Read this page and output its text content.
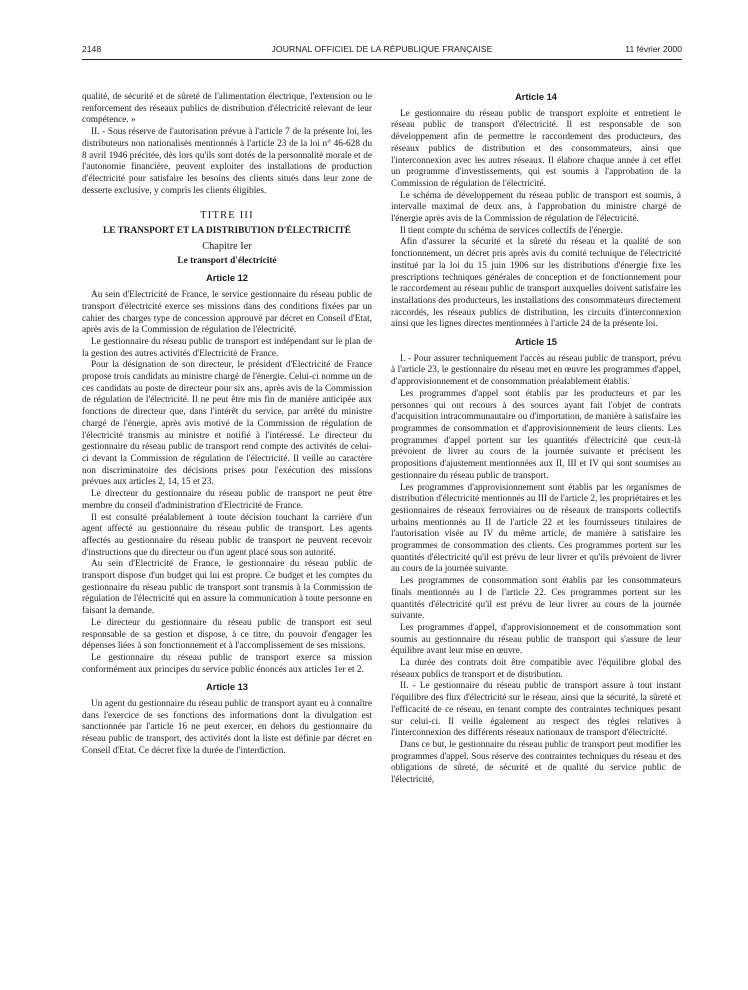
2148	JOURNAL OFFICIEL DE LA RÉPUBLIQUE FRANÇAISE	11 février 2000

qualité, de sécurité et de sûreté de l'alimentation électrique, l'extension ou le renforcement des réseaux publics de distribution d'électricité relevant de leur compétence. »

II. - Sous réserve de l'autorisation prévue à l'article 7 de la présente loi, les distributeurs non nationalisés mentionnés à l'article 23 de la loi n° 46-628 du 8 avril 1946 précitée, dès lors qu'ils sont dotés de la personnalité morale et de l'autonomie financière, peuvent exploiter des installations de production d'électricité pour satisfaire les besoins des clients situés dans leur zone de desserte exclusive, y compris les clients éligibles.

TITRE III
LE TRANSPORT ET LA DISTRIBUTION D'ÉLECTRICITÉ
Chapitre Ier
Le transport d'électricité
Article 12

Au sein d'Electricité de France, le service gestionnaire du réseau public de transport d'électricité exerce ses missions dans des conditions fixées par un cahier des charges type de concession approuvé par décret en Conseil d'Etat, après avis de la Commission de régulation de l'électricité.

Le gestionnaire du réseau public de transport est indépendant sur le plan de la gestion des autres activités d'Electricité de France.

Pour la désignation de son directeur, le président d'Electricité de France propose trois candidats au ministre chargé de l'énergie. Celui-ci nomme un de ces candidats au poste de directeur pour six ans, après avis de la Commission de régulation de l'électricité. Il ne peut être mis fin de manière anticipée aux fonctions de directeur que, dans l'intérêt du service, par arrêté du ministre chargé de l'énergie, après avis motivé de la Commission de régulation de l'électricité transmis au ministre et notifié à l'intéressé. Le directeur du gestionnaire du réseau public de transport rend compte des activités de celui-ci devant la Commission de régulation de l'électricité. Il veille au caractère non discriminatoire des décisions prises pour l'exécution des missions prévues aux articles 2, 14, 15 et 23.

Le directeur du gestionnaire du réseau public de transport ne peut être membre du conseil d'administration d'Electricité de France.

Il est consulté préalablement à toute décision touchant la carrière d'un agent affecté au gestionnaire du réseau public de transport. Les agents affectés au gestionnaire du réseau public de transport ne peuvent recevoir d'instructions que du directeur ou d'un agent placé sous son autorité.

Au sein d'Electricité de France, le gestionnaire du réseau public de transport dispose d'un budget qui lui est propre. Ce budget et les comptes du gestionnaire du réseau public de transport sont transmis à la Commission de régulation de l'électricité qui en assure la communication à toute personne en faisant la demande.

Le directeur du gestionnaire du réseau public de transport est seul responsable de sa gestion et dispose, à ce titre, du pouvoir d'engager les dépenses liées à son fonctionnement et à l'accomplissement de ses missions.

Le gestionnaire du réseau public de transport exerce sa mission conformément aux principes du service public énoncés aux articles 1er et 2.

Article 13

Un agent du gestionnaire du réseau public de transport ayant eu à connaître dans l'exercice de ses fonctions des informations dont la divulgation est sanctionnée par l'article 16 ne peut exercer, en dehors du gestionnaire du réseau public de transport, des activités dont la liste est définie par décret en Conseil d'Etat. Ce décret fixe la durée de l'interdiction.

Article 14

Le gestionnaire du réseau public de transport exploite et entretient le réseau public de transport d'électricité. Il est responsable de son développement afin de permettre le raccordement des producteurs, des réseaux publics de distribution et des consommateurs, ainsi que l'interconnexion avec les autres réseaux. Il élabore chaque année à cet effet un programme d'investissements, qui est soumis à l'approbation de la Commission de régulation de l'électricité.

Le schéma de développement du réseau public de transport est soumis, à intervalle maximal de deux ans, à l'approbation du ministre chargé de l'énergie après avis de la Commission de régulation de l'électricité.

Il tient compte du schéma de services collectifs de l'énergie.

Afin d'assurer la sécurité et la sûreté du réseau et la qualité de son fonctionnement, un décret pris après avis du comité technique de l'électricité institué par la loi du 15 juin 1906 sur les distributions d'énergie fixe les prescriptions techniques générales de conception et de fonctionnement pour le raccordement au réseau public de transport auxquelles doivent satisfaire les installations des producteurs, les installations des consommateurs directement raccordés, les réseaux publics de distribution, les circuits d'interconnexion ainsi que les lignes directes mentionnées à l'article 24 de la présente loi.

Article 15

I. - Pour assurer techniquement l'accès au réseau public de transport, prévu à l'article 23, le gestionnaire du réseau met en œuvre les programmes d'appel, d'approvisionnement et de consommation préalablement établis.

Les programmes d'appel sont établis par les producteurs et par les personnes qui ont recours à des sources ayant fait l'objet de contrats d'acquisition intracommunautaire ou d'importation, de manière à satisfaire les programmes de consommation et d'approvisionnement de leurs clients. Les programmes d'appel portent sur les quantités d'électricité que ceux-là prévoient de livrer au cours de la journée suivante et précisent les propositions d'ajustement mentionnées aux II, III et IV qui sont soumises au gestionnaire du réseau public de transport.

Les programmes d'approvisionnement sont établis par les organismes de distribution d'électricité mentionnés au III de l'article 2, les propriétaires et les gestionnaires de réseaux ferroviaires ou de réseaux de transports collectifs urbains mentionnés au II de l'article 22 et les fournisseurs titulaires de l'autorisation visée au IV du même article, de manière à satisfaire les programmes de consommation des clients. Ces programmes portent sur les quantités d'électricité qu'il est prévu de leur livrer et qu'ils prévoient de livrer au cours de la journée suivante.

Les programmes de consommation sont établis par les consommateurs finals mentionnés au I de l'article 22. Ces programmes portent sur les quantités d'électricité qu'il est prévu de leur livrer au cours de la journée suivante.

Les programmes d'appel, d'approvisionnement et de consommation sont soumis au gestionnaire du réseau public de transport qui s'assure de leur équilibre avant leur mise en œuvre.

La durée des contrats doit être compatible avec l'équilibre global des réseaux publics de transport et de distribution.

II. - Le gestionnaire du réseau public de transport assure à tout instant l'équilibre des flux d'électricité sur le réseau, ainsi que la sécurité, la sûreté et l'efficacité de ce réseau, en tenant compte des contraintes techniques pesant sur celui-ci. Il veille également au respect des règles relatives à l'interconnexion des différents réseaux nationaux de transport d'électricité.

Dans ce but, le gestionnaire du réseau public de transport peut modifier les programmes d'appel. Sous réserve des contraintes techniques du réseau et des obligations de sûreté, de sécurité et de qualité du service public de l'électricité,
